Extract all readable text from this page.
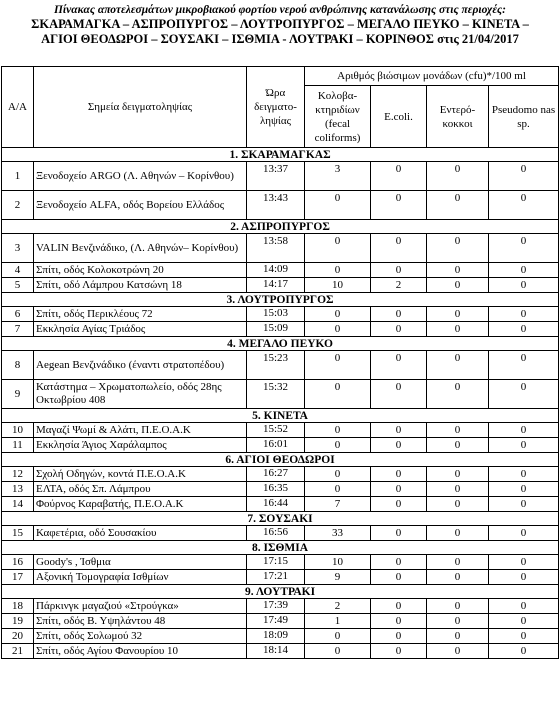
Πίνακας αποτελεσμάτων μικροβιακού φορτίου νερού ανθρώπινης κατανάλωσης στις περιοχές:
ΣΚΑΡΑΜΑΓΚΑ – ΑΣΠΡΟΠΥΡΓΟΣ – ΛΟΥΤΡΟΠΥΡΓΟΣ – ΜΕΓΑΛΟ ΠΕΥΚΟ – ΚΙΝΕΤΑ –
ΑΓΙΟΙ ΘΕΟΔΩΡΟΙ – ΣΟΥΣΑΚΙ – ΙΣΘΜΙΑ - ΛΟΥΤΡΑΚΙ – ΚΟΡΙΝΘΟΣ στις 21/04/2017
Α/Α	Σημεία δειγματοληψίας	Ώρα δειγματο-ληψίας	Αριθμός βιώσιμων μονάδων (cfu)*/100 ml			
			Κολοβα-κτηριδίων (fecal coliforms)	E.coli.	Εντερό-κοκκοι	Pseudomo nas sp.
1. ΣΚΑΡΑΜΑΓΚΑΣ						
1	Ξενοδοχείο ARGO (Λ. Αθηνών – Κορίνθου)	13:37	3	0	0	0
2	Ξενοδοχείο ALFA, οδός Βορείου Ελλάδος	13:43	0	0	0	0
2. ΑΣΠΡΟΠΥΡΓΟΣ						
3	VALIN Βενζινάδικο, (Λ. Αθηνών– Κορίνθου)	13:58	0	0	0	0
4	Σπίτι, οδός Κολοκοτρώνη 20	14:09	0	0	0	0
5	Σπίτι, οδό Λάμπρου Κατσώνη 18	14:17	10	2	0	0
3. ΛΟΥΤΡΟΠΥΡΓΟΣ						
6	Σπίτι, οδός Περικλέους 72	15:03	0	0	0	0
7	Εκκλησία Αγίας Τριάδος	15:09	0	0	0	0
4. ΜΕΓΑΛΟ ΠΕΥΚΟ						
8	Aegean Βενζινάδικο (έναντι στρατοπέδου)	15:23	0	0	0	0
9	Κατάστημα – Χρωματοπωλείο, οδός 28ης Οκτωβρίου 408	15:32	0	0	0	0
5. ΚΙΝΕΤΑ						
10	Μαγαζί Ψωμί & Αλάτι, Π.Ε.Ο.Α.Κ	15:52	0	0	0	0
11	Εκκλησία Άγιος Χαράλαμπος	16:01	0	0	0	0
6. ΑΓΙΟΙ ΘΕΟΔΩΡΟΙ						
12	Σχολή Οδηγών, κοντά Π.Ε.Ο.Α.Κ	16:27	0	0	0	0
13	ΕΛΤΑ, οδός Σπ. Λάμπρου	16:35	0	0	0	0
14	Φούρνος Καραβατής, Π.Ε.Ο.Α.Κ	16:44	7	0	0	0
7. ΣΟΥΣΑΚΙ						
15	Καφετέρια, οδό Σουσακίου	16:56	33	0	0	0
8. ΙΣΘΜΙΑ						
16	Goody's , Ίσθμια	17:15	10	0	0	0
17	Αξονική Τομογραφία Ισθμίων	17:21	9	0	0	0
9. ΛΟΥΤΡΑΚΙ						
18	Πάρκινγκ μαγαζιού «Στρούγκα»	17:39	2	0	0	0
19	Σπίτι, οδός Β. Υψηλάντου 48	17:49	1	0	0	0
20	Σπίτι, οδός Σολωμού 32	18:09	0	0	0	0
21	Σπίτι, οδός Αγίου Φανουρίου 10	18:14	0	0	0	0
